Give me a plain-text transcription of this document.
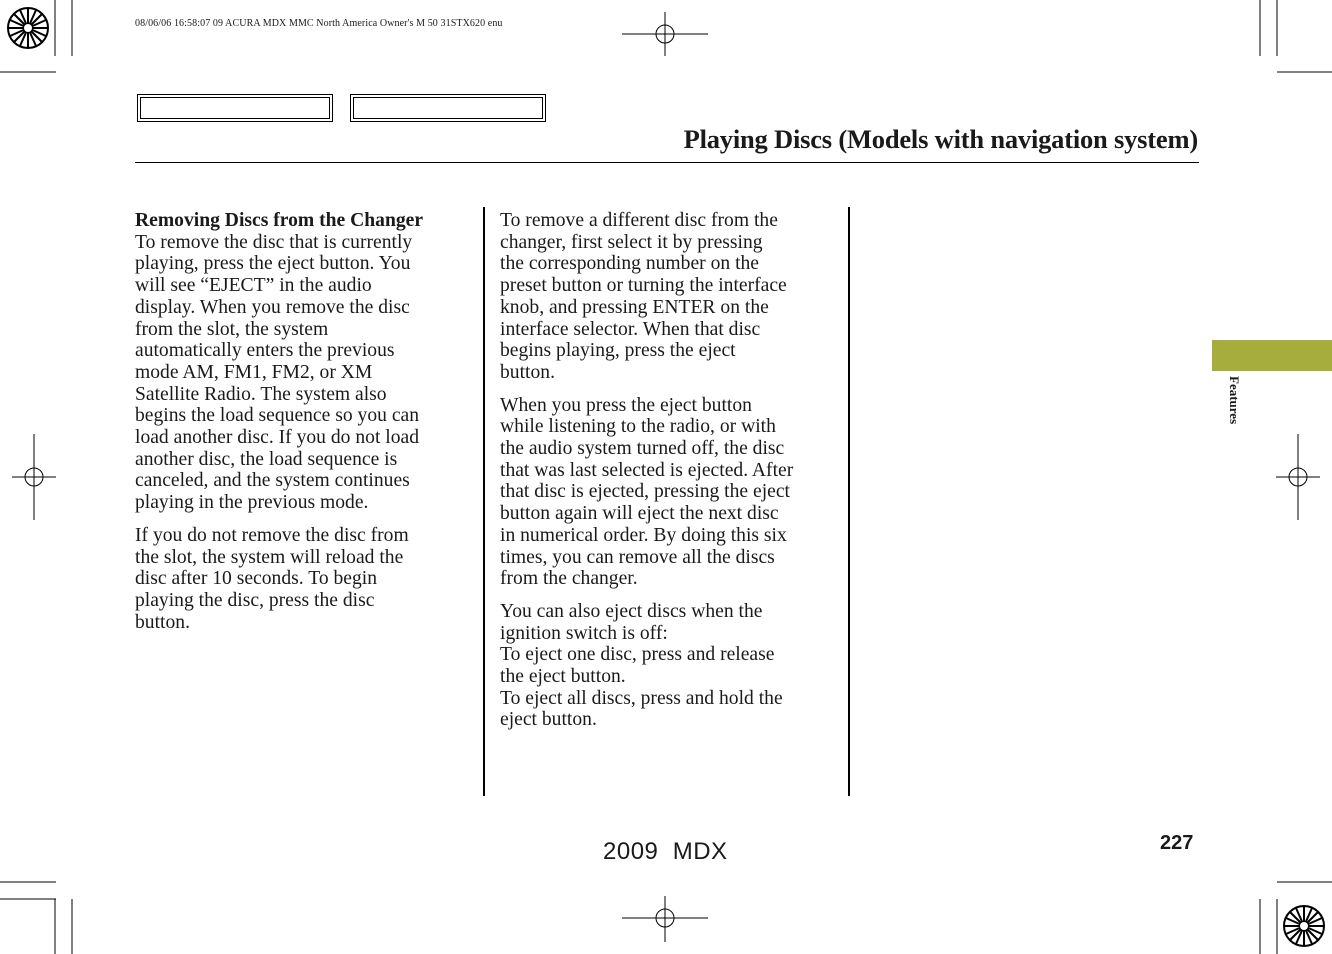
08/06/06 16:58:07 09 ACURA MDX MMC North America Owner's M 50 31STX620 enu
Playing Discs (Models with navigation system)

Removing Discs from the Changer
To remove the disc that is currently
playing, press the eject button. You
will see “EJECT” in the audio
display. When you remove the disc
from the slot, the system
automatically enters the previous
mode AM, FM1, FM2, or XM
Satellite Radio. The system also
begins the load sequence so you can
load another disc. If you do not load
another disc, the load sequence is
canceled, and the system continues
playing in the previous mode.

If you do not remove the disc from
the slot, the system will reload the
disc after 10 seconds. To begin
playing the disc, press the disc
button.

To remove a different disc from the
changer, first select it by pressing
the corresponding number on the
preset button or turning the interface
knob, and pressing ENTER on the
interface selector. When that disc
begins playing, press the eject
button.

When you press the eject button
while listening to the radio, or with
the audio system turned off, the disc
that was last selected is ejected. After
that disc is ejected, pressing the eject
button again will eject the next disc
in numerical order. By doing this six
times, you can remove all the discs
from the changer.

You can also eject discs when the
ignition switch is off:
To eject one disc, press and release
the eject button.
To eject all discs, press and hold the
eject button.

Features
227
2009  MDX
